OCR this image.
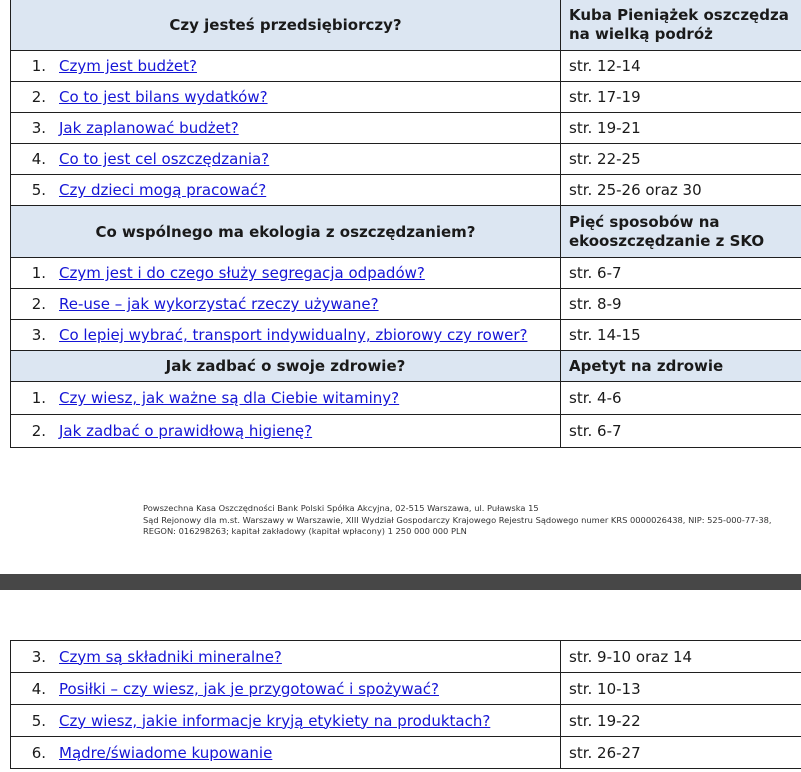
Czy jesteś przedsiębiorczy?	Kuba Pieniążek oszczędza na wielką podróż
1. Czym jest budżet?	str. 12-14
2. Co to jest bilans wydatków?	str. 17-19
3. Jak zaplanować budżet?	str. 19-21
4. Co to jest cel oszczędzania?	str. 22-25
5. Czy dzieci mogą pracować?	str. 25-26 oraz 30
Co wspólnego ma ekologia z oszczędzaniem?	Pięć sposobów na ekooszczędzanie z SKO
1. Czym jest i do czego służy segregacja odpadów?	str. 6-7
2. Re-use – jak wykorzystać rzeczy używane?	str. 8-9
3. Co lepiej wybrać, transport indywidualny, zbiorowy czy rower?	str. 14-15
Jak zadbać o swoje zdrowie?	Apetyt na zdrowie
1. Czy wiesz, jak ważne są dla Ciebie witaminy?	str. 4-6
2. Jak zadbać o prawidłową higienę?	str. 6-7
Powszechna Kasa Oszczędności Bank Polski Spółka Akcyjna, 02-515 Warszawa, ul. Puławska 15
Sąd Rejonowy dla m.st. Warszawy w Warszawie, XIII Wydział Gospodarczy Krajowego Rejestru Sądowego numer KRS 0000026438, NIP: 525-000-77-38,
REGON: 016298263; kapitał zakładowy (kapitał wpłacony) 1 250 000 000 PLN
3. Czym są składniki mineralne?	str. 9-10 oraz 14
4. Posiłki – czy wiesz, jak je przygotować i spożywać?	str. 10-13
5. Czy wiesz, jakie informacje kryją etykiety na produktach?	str. 19-22
6. Mądre/świadome kupowanie	str. 26-27
